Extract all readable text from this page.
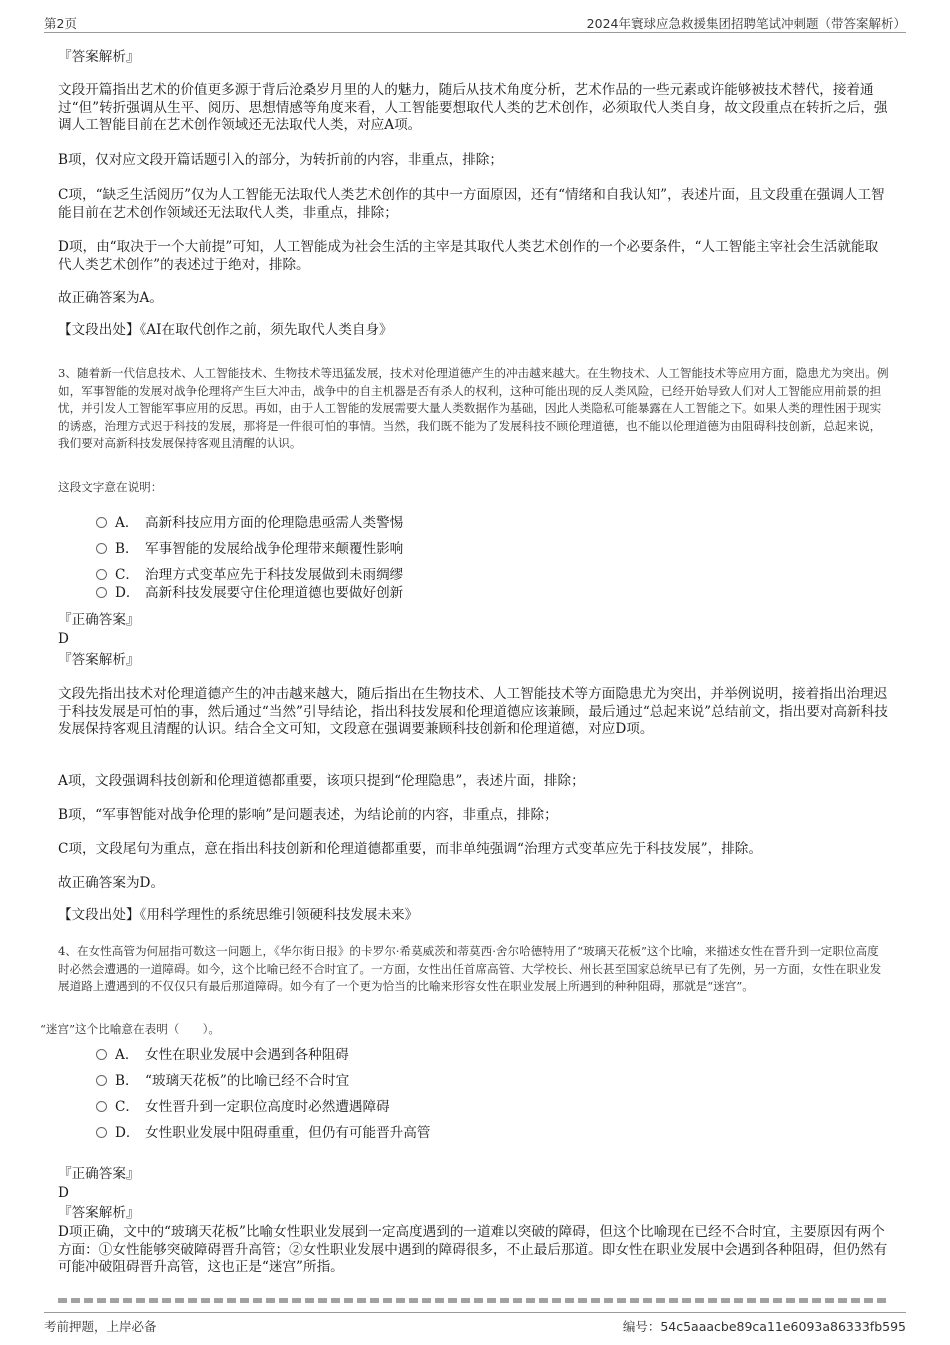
第2页	2024年寰球应急救援集团招聘笔试冲刺题（带答案解析）
『答案解析』

文段开篇指出艺术的价值更多源于背后沧桑岁月里的人的魅力，随后从技术角度分析，艺术作品的一些元素或许能够被技术替代，接着通过“但”转折强调从生平、阅历、思想情感等角度来看，人工智能要想取代人类的艺术创作，必须取代人类自身，故文段重点在转折之后，强调人工智能目前在艺术创作领域还无法取代人类，对应A项。

B项，仅对应文段开篇话题引入的部分，为转折前的内容，非重点，排除；

C项，“缺乏生活阅历”仅为人工智能无法取代人类艺术创作的其中一方面原因，还有“情绪和自我认知”，表述片面，且文段重在强调人工智能目前在艺术创作领域还无法取代人类，非重点，排除；

D项，由“取决于一个大前提”可知，人工智能成为社会生活的主宰是其取代人类艺术创作的一个必要条件，“人工智能主宰社会生活就能取代人类艺术创作”的表述过于绝对，排除。

故正确答案为A。

【文段出处】《AI在取代创作之前，须先取代人类自身》

3、随着新一代信息技术、人工智能技术、生物技术等迅猛发展，技术对伦理道德产生的冲击越来越大。在生物技术、人工智能技术等应用方面，隐患尤为突出。例如，军事智能的发展对战争伦理将产生巨大冲击，战争中的自主机器是否有杀人的权利，这种可能出现的反人类风险，已经开始导致人们对人工智能应用前景的担忧，并引发人工智能军事应用的反思。再如，由于人工智能的发展需要大量人类数据作为基础，因此人类隐私可能暴露在人工智能之下。如果人类的理性困于现实的诱惑，治理方式迟于科技的发展，那将是一件很可怕的事情。当然，我们既不能为了发展科技不顾伦理道德，也不能以伦理道德为由阻碍科技创新，总起来说，我们要对高新科技发展保持客观且清醒的认识。

这段文字意在说明：

A． 高新科技应用方面的伦理隐患亟需人类警惕
B． 军事智能的发展给战争伦理带来颠覆性影响
C． 治理方式变革应先于科技发展做到未雨绸缪
D． 高新科技发展要守住伦理道德也要做好创新
『正确答案』
D
『答案解析』

文段先指出技术对伦理道德产生的冲击越来越大，随后指出在生物技术、人工智能技术等方面隐患尤为突出，并举例说明，接着指出治理迟于科技发展是可怕的事，然后通过“当然”引导结论，指出科技发展和伦理道德应该兼顾，最后通过“总起来说”总结前文，指出要对高新科技发展保持客观且清醒的认识。结合全文可知，文段意在强调要兼顾科技创新和伦理道德，对应D项。

A项，文段强调科技创新和伦理道德都重要，该项只提到“伦理隐患”，表述片面，排除；

B项，“军事智能对战争伦理的影响”是问题表述，为结论前的内容，非重点，排除；

C项，文段尾句为重点，意在指出科技创新和伦理道德都重要，而非单纯强调“治理方式变革应先于科技发展”，排除。

故正确答案为D。

【文段出处】《用科学理性的系统思维引领硬科技发展未来》

4、在女性高管为何屈指可数这一问题上，《华尔街日报》的卡罗尔·希莫威茨和蒂莫西·舍尔哈德特用了“玻璃天花板”这个比喻，来描述女性在晋升到一定职位高度时必然会遭遇的一道障碍。如今，这个比喻已经不合时宜了。一方面，女性出任首席高管、大学校长、州长甚至国家总统早已有了先例，另一方面，女性在职业发展道路上遭遇到的不仅仅只有最后那道障碍。如今有了一个更为恰当的比喻来形容女性在职业发展上所遇到的种种阻碍，那就是“迷宫”。

“迷宫”这个比喻意在表明（　　）。

A． 女性在职业发展中会遇到各种阻碍
B． “玻璃天花板”的比喻已经不合时宜
C． 女性晋升到一定职位高度时必然遭遇障碍
D． 女性职业发展中阻碍重重，但仍有可能晋升高管
『正确答案』
D
『答案解析』

D项正确，文中的“玻璃天花板”比喻女性职业发展到一定高度遇到的一道难以突破的障碍，但这个比喻现在已经不合时宜，主要原因有两个方面：①女性能够突破障碍晋升高管；②女性职业发展中遇到的障碍很多，不止最后那道。即女性在职业发展中会遇到各种阻碍，但仍然有可能冲破阻碍晋升高管，这也正是“迷宫”所指。

考前押题，上岸必备	编号：54c5aaacbe89ca11e6093a86333fb595
